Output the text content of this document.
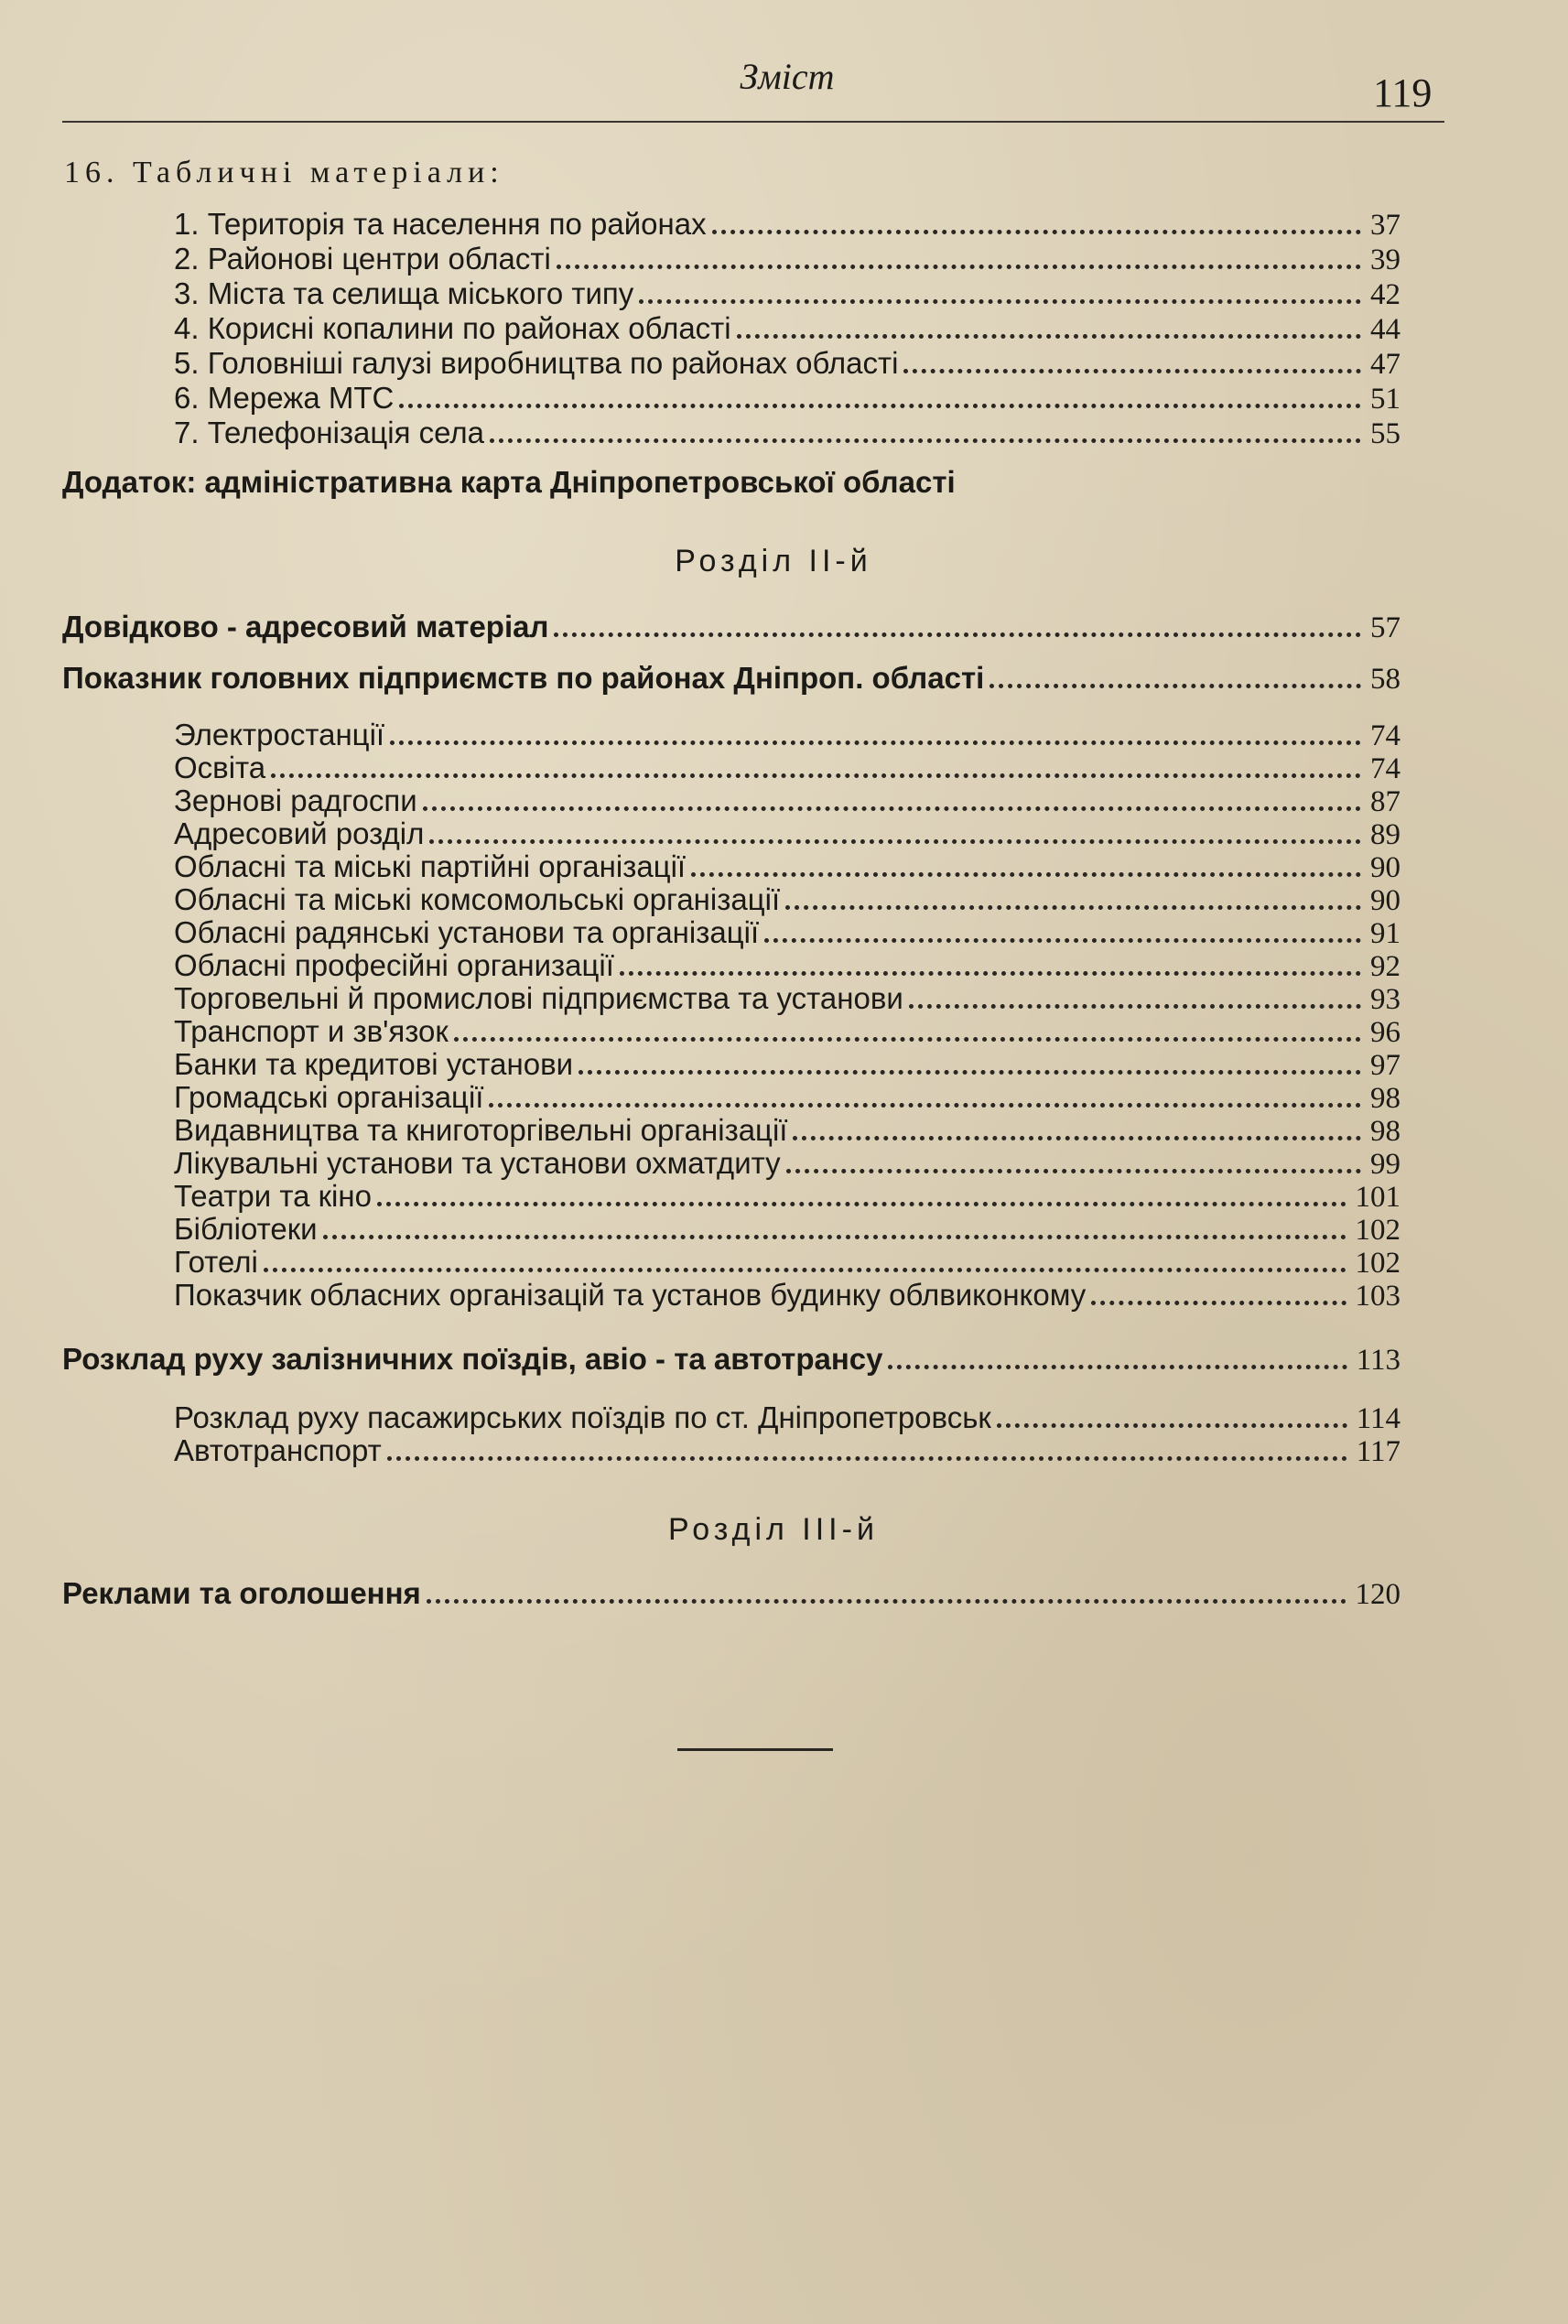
Зміст	119
16. Табличні матеріали:
1. Територія та населення по районах	37
2. Районові центри області	39
3. Міста та селища міського типу	42
4. Корисні копалини по районах області	44
5. Головніші галузі виробництва по районах області	47
6. Мережа МТС	51
7. Телефонізація села	55
Додаток: адміністративна карта Дніпропетровської області
Розділ II-й
Довідково - адресовий матеріал	57
Показник головних підприємств по районах Дніпроп. області	58
Электростанції	74
Освіта	74
Зернові радгоспи	87
Адресовий розділ	89
Обласні та міські партійні організації	90
Обласні та міські комсомольські організації	90
Обласні радянські установи та організації	91
Обласні професійні организації	92
Торговельні й промислові підприємства та установи	93
Транспорт и зв'язок	96
Банки та кредитові установи	97
Громадські організації	98
Видавництва та книготоргівельні організації	98
Лікувальні установи та установи охматдиту	99
Театри та кіно	101
Бібліотеки	102
Готелі	102
Показчик обласних організацій та установ будинку облвиконкому	103
Розклад руху залізничних поїздів, авіо - та автотрансу	113
Розклад руху пасажирських поїздів по ст. Дніпропетровськ	114
Автотранспорт	117
Розділ III-й
Реклами та оголошення	120
